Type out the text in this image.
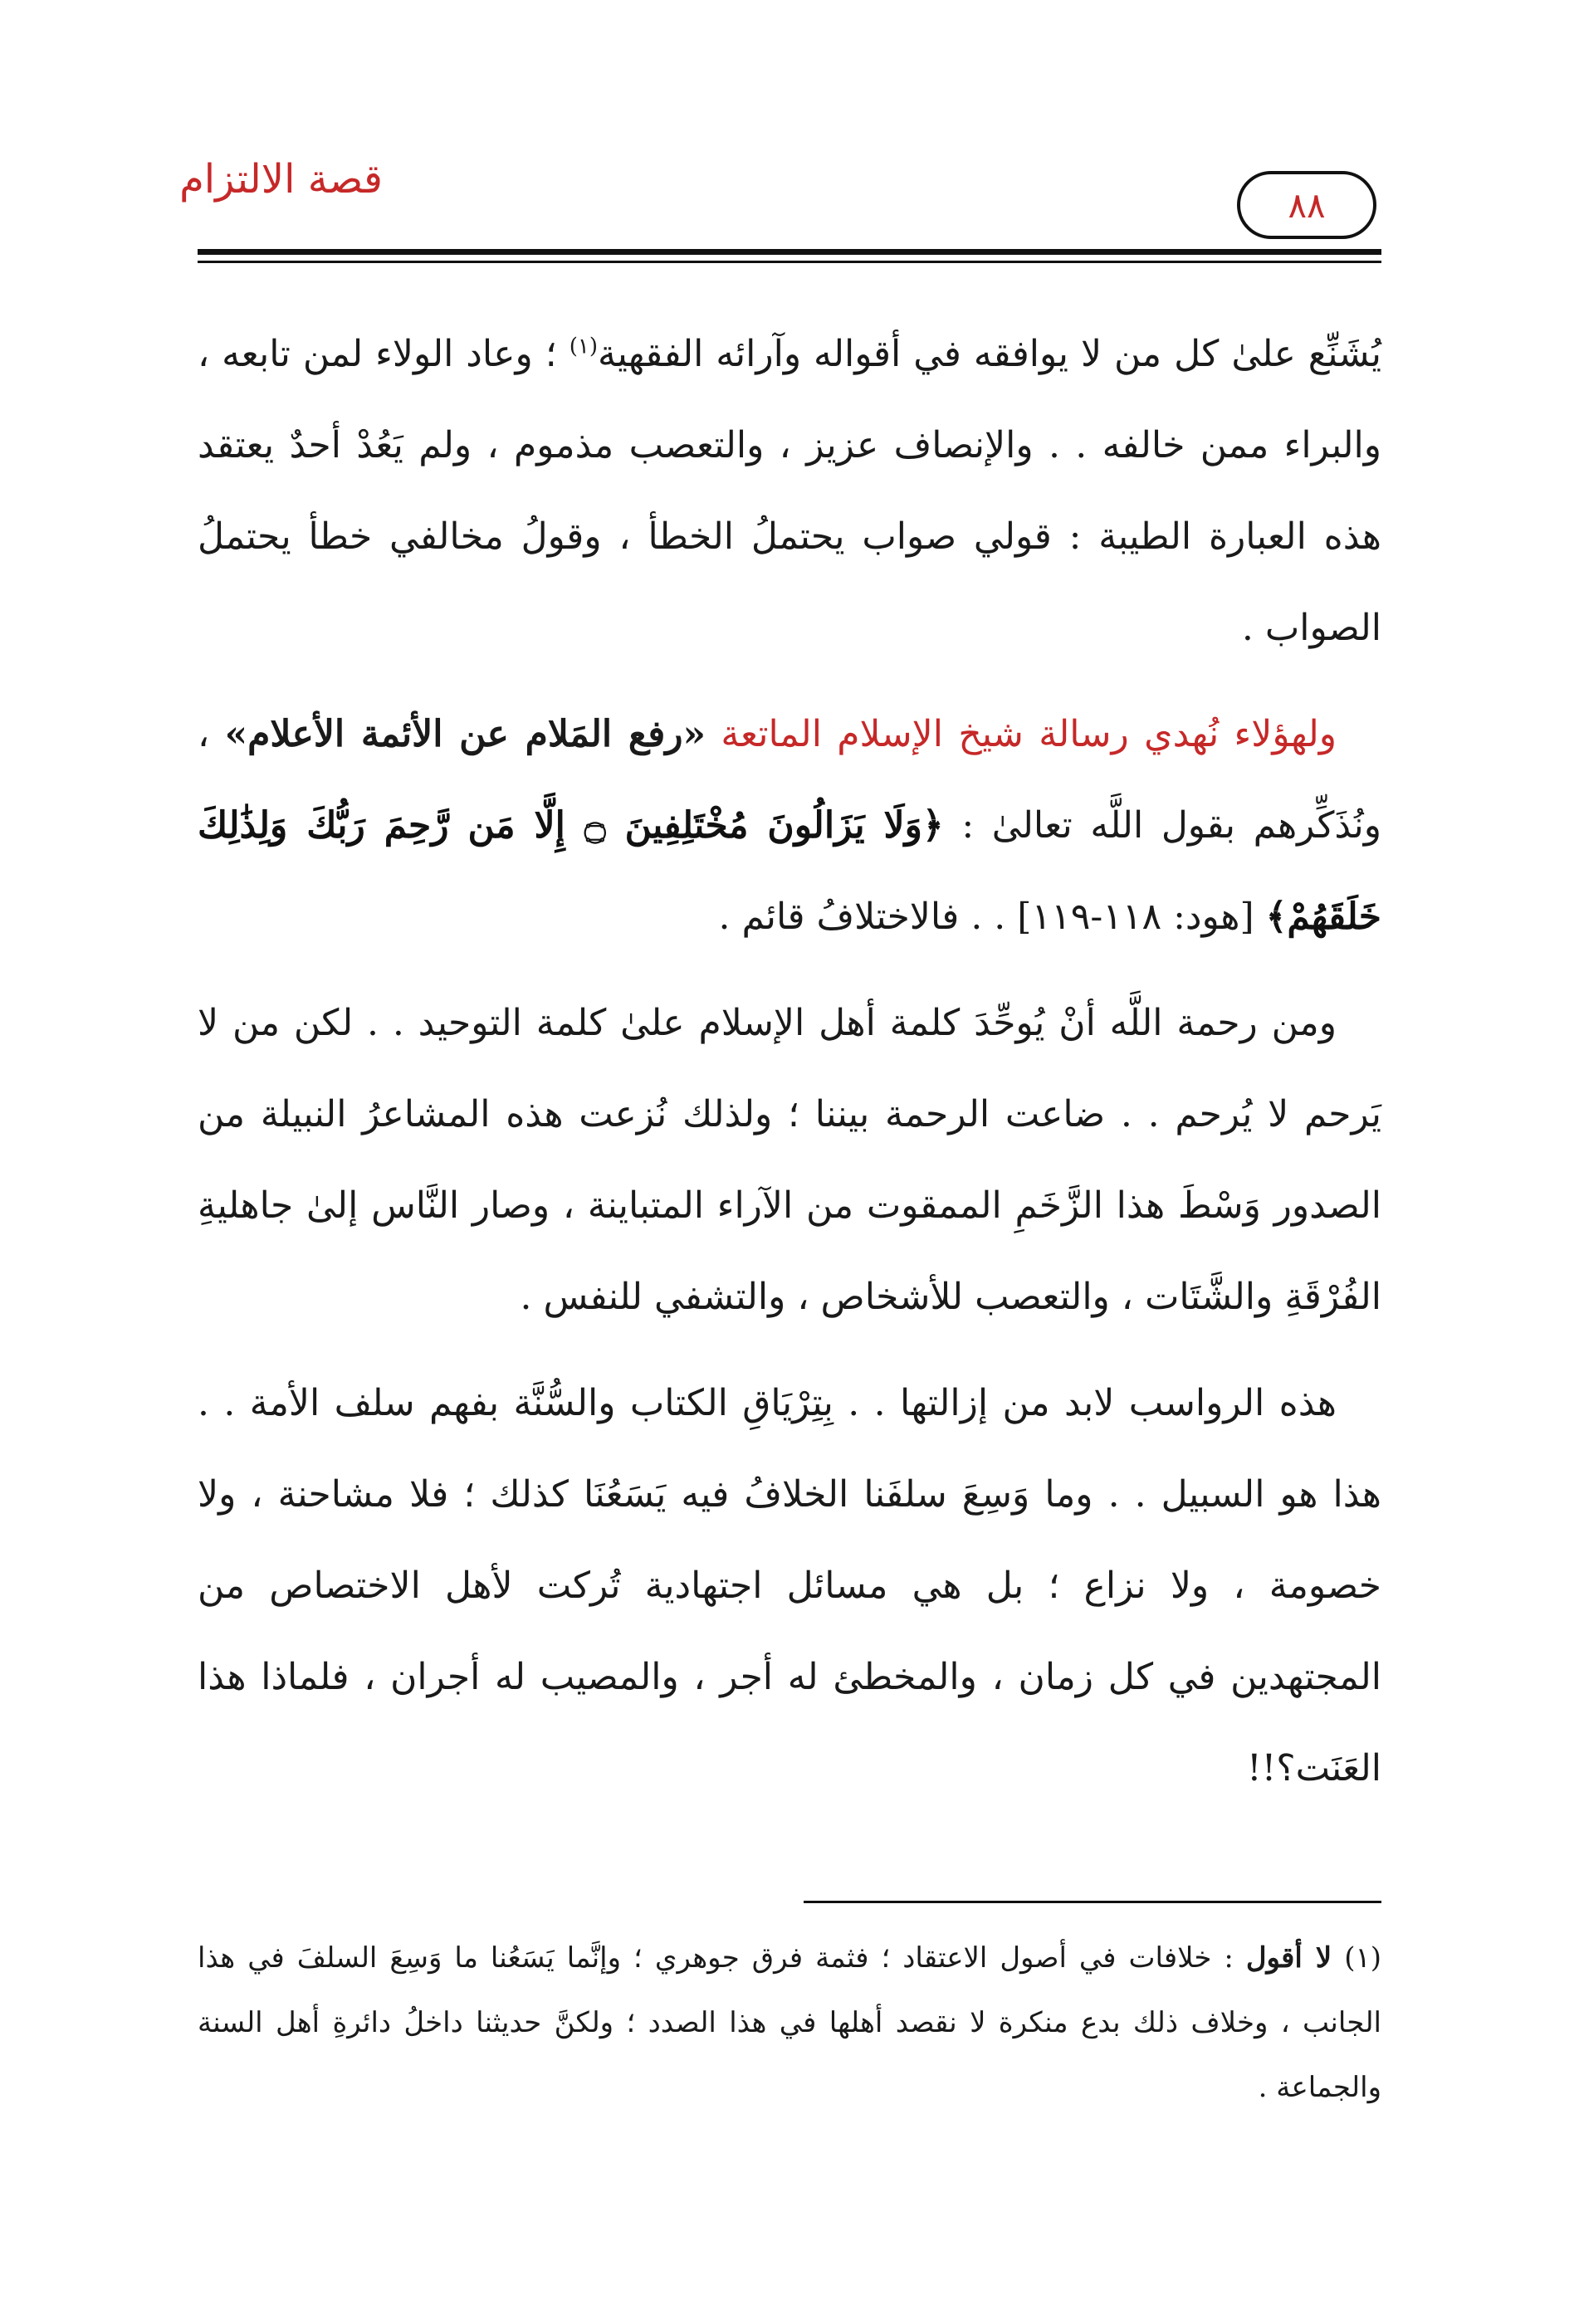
قصة الالتزام
٨٨

يُشَنِّع علىٰ كل من لا يوافقه في أقواله وآرائه الفقهية$^{(١)}$ ؛ وعاد الولاء لمن تابعه ، والبراء ممن خالفه . . والإنصاف عزيز ، والتعصب مذموم ، ولم يَعُدْ أحدٌ يعتقد هذه العبارة الطيبة : قولي صواب يحتملُ الخطأ ، وقولُ مخالفي خطأ يحتملُ الصواب .

ولهؤلاء نُهدي رسالة شيخ الإسلام الماتعة «رفع المَلام عن الأئمة الأعلام» ، ونُذَكِّرهم بقول اللَّه تعالىٰ : ﴿وَلَا يَزَالُونَ مُخْتَلِفِينَ ۝ إِلَّا مَن رَّحِمَ رَبُّكَ وَلِذَٰلِكَ خَلَقَهُمْ﴾ [هود: ١١٨-١١٩] . . فالاختلافُ قائم .

ومن رحمة اللَّه أنْ يُوحِّدَ كلمة أهل الإسلام علىٰ كلمة التوحيد . . لكن من لا يَرحم لا يُرحم . . ضاعت الرحمة بيننا ؛ ولذلك نُزعت هذه المشاعرُ النبيلة من الصدور وَسْطَ هذا الزَّخَمِ الممقوت من الآراء المتباينة ، وصار النَّاس إلىٰ جاهليةِ الفُرْقَةِ والشَّتَات ، والتعصب للأشخاص ، والتشفي للنفس .

هذه الرواسب لابد من إزالتها . . بِتِرْيَاقِ الكتاب والسُّنَّة بفهم سلف الأمة . . هذا هو السبيل . . وما وَسِعَ سلفَنا الخلافُ فيه يَسَعُنَا كذلك ؛ فلا مشاحنة ، ولا خصومة ، ولا نزاع ؛ بل هي مسائل اجتهادية تُركت لأهل الاختصاص من المجتهدين في كل زمان ، والمخطئ له أجر ، والمصيب له أجران ، فلماذا هذا العَنَت؟!!

(١) لا أقول : خلافات في أصول الاعتقاد ؛ فثمة فرق جوهري ؛ وإنَّما يَسَعُنا ما وَسِعَ السلفَ في هذا الجانب ، وخلاف ذلك بدع منكرة لا نقصد أهلها في هذا الصدد ؛ ولكنَّ حديثنا داخلُ دائرةِ أهل السنة والجماعة .
